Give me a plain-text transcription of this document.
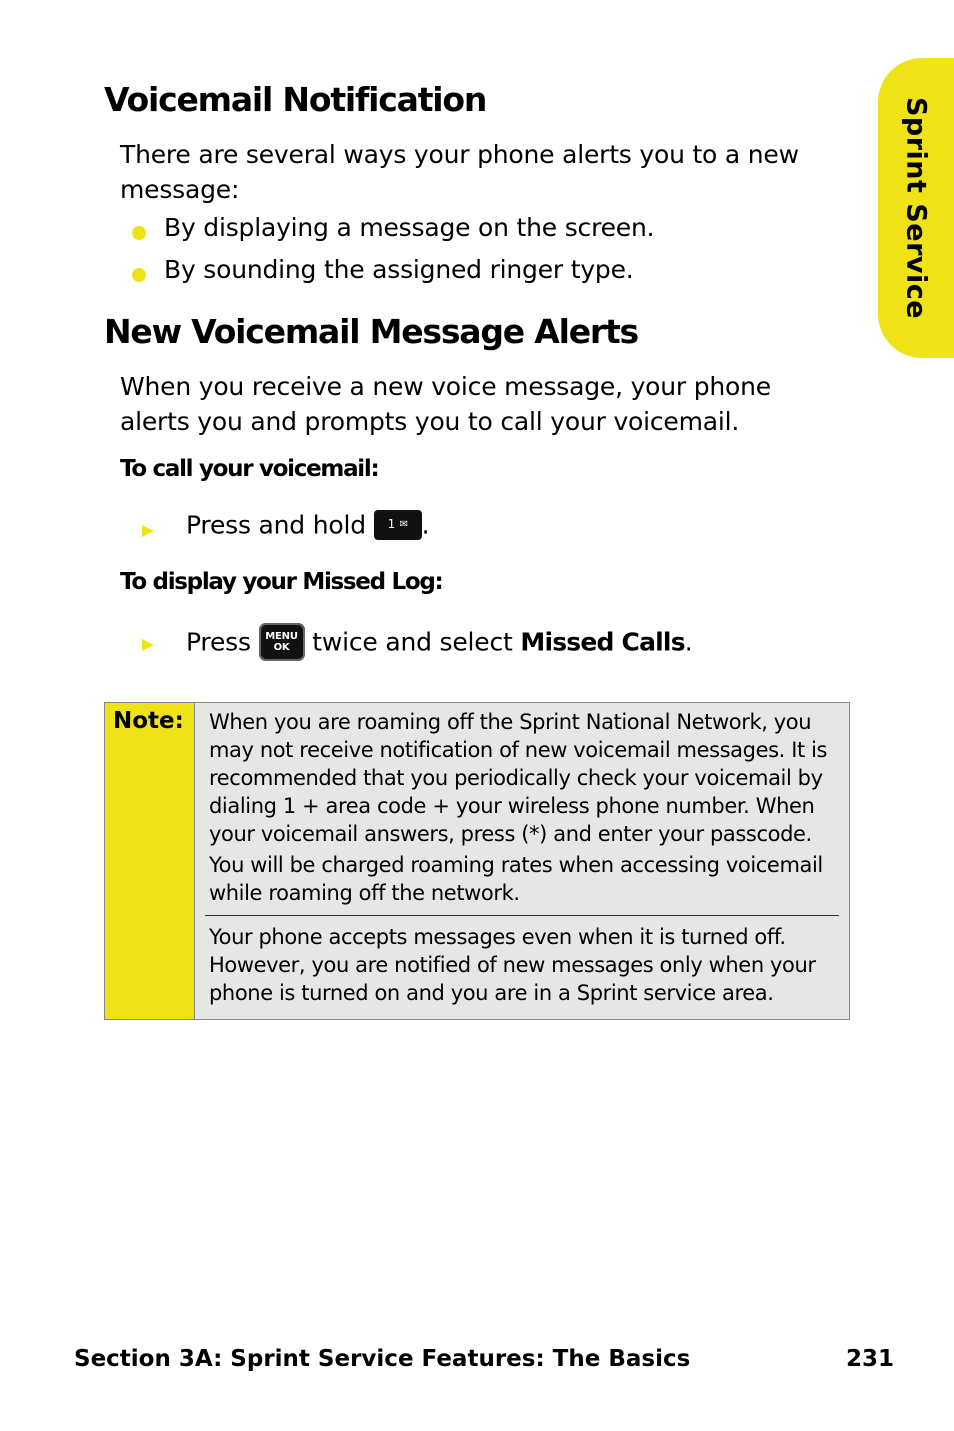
Sprint Service
Voicemail Notification

There are several ways your phone alerts you to a new message:

By displaying a message on the screen.
By sounding the assigned ringer type.
New Voicemail Message Alerts

When you receive a new voice message, your phone alerts you and prompts you to call your voicemail.

To call your voicemail:
Press and hold 1 ✉ .
To display your Missed Log:
Press	MENU
OK twice and select Missed Calls.
Note: When you are roaming off the Sprint National Network, you may not receive notification of new voicemail messages. It is recommended that you periodically check your voicemail by dialing 1 + area code + your wireless phone number. When your voicemail answers, press (*) and enter your passcode.

You will be charged roaming rates when accessing voicemail while roaming off the network.

Your phone accepts messages even when it is turned off. However, you are notified of new messages only when your phone is turned on and you are in a Sprint service area.

Section 3A: Sprint Service Features: The Basics	231
